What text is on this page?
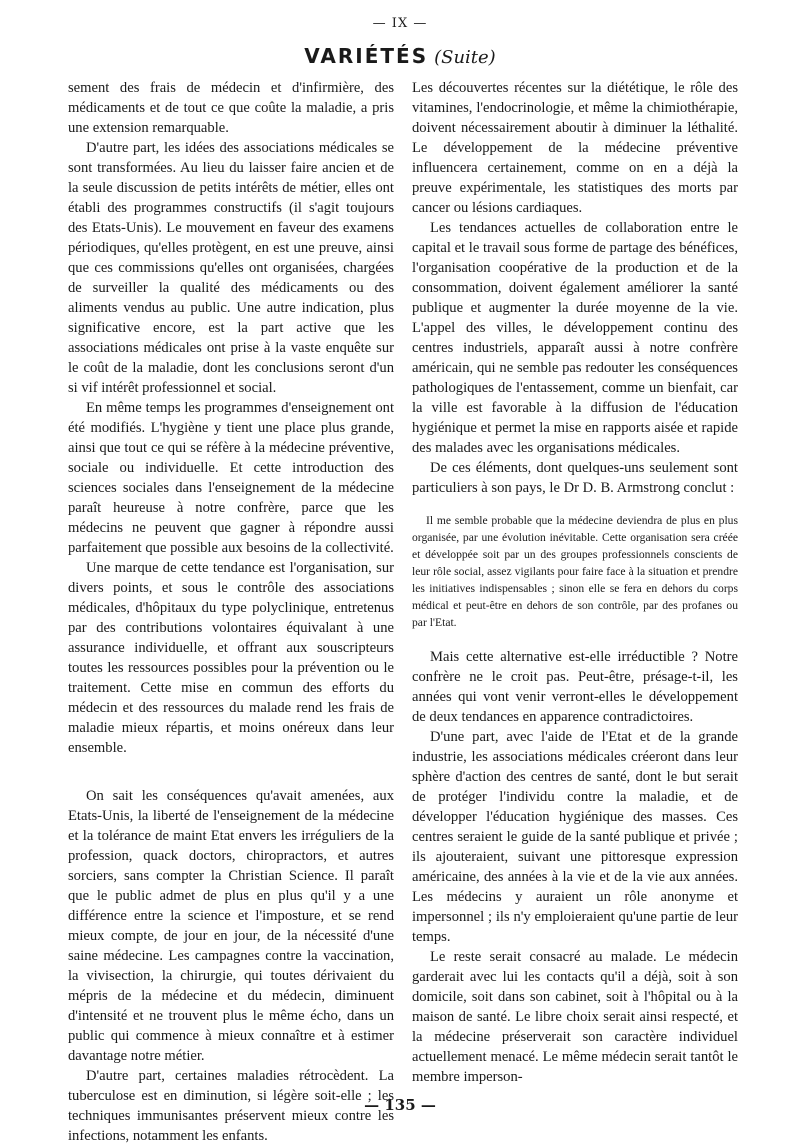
— IX —
VARIÉTÉS (Suite)

sement des frais de médecin et d'infirmière, des médicaments et de tout ce que coûte la maladie, a pris une extension remarquable.

D'autre part, les idées des associations médicales se sont transformées. Au lieu du laisser faire ancien et de la seule discussion de petits intérêts de métier, elles ont établi des programmes constructifs (il s'agit toujours des Etats-Unis). Le mouvement en faveur des examens périodiques, qu'elles protègent, en est une preuve, ainsi que ces commissions qu'elles ont organisées, chargées de surveiller la qualité des médicaments ou des aliments vendus au public. Une autre indication, plus significative encore, est la part active que les associations médicales ont prise à la vaste enquête sur le coût de la maladie, dont les conclusions seront d'un si vif intérêt professionnel et social.

En même temps les programmes d'enseignement ont été modifiés. L'hygiène y tient une place plus grande, ainsi que tout ce qui se réfère à la médecine préventive, sociale ou individuelle. Et cette introduction des sciences sociales dans l'enseignement de la médecine paraît heureuse à notre confrère, parce que les médecins ne peuvent que gagner à répondre aussi parfaitement que possible aux besoins de la collectivité.

Une marque de cette tendance est l'organisation, sur divers points, et sous le contrôle des associations médicales, d'hôpitaux du type polyclinique, entretenus par des contributions volontaires équivalant à une assurance individuelle, et offrant aux souscripteurs toutes les ressources possibles pour la prévention ou le traitement. Cette mise en commun des efforts du médecin et des ressources du malade rend les frais de maladie mieux répartis, et moins onéreux dans leur ensemble.

On sait les conséquences qu'avait amenées, aux Etats-Unis, la liberté de l'enseignement de la médecine et la tolérance de maint Etat envers les irréguliers de la profession, quack doctors, chiropractors, et autres sorciers, sans compter la Christian Science. Il paraît que le public admet de plus en plus qu'il y a une différence entre la science et l'imposture, et se rend mieux compte, de jour en jour, de la nécessité d'une saine médecine. Les campagnes contre la vaccination, la vivisection, la chirurgie, qui toutes dérivaient du mépris de la médecine et du médecin, diminuent d'intensité et ne trouvent plus le même écho, dans un public qui commence à mieux connaître et à estimer davantage notre métier.

D'autre part, certaines maladies rétrocèdent. La tuberculose est en diminution, si légère soit-elle ; les techniques immunisantes préservent mieux contre les infections, notamment les enfants.

Les découvertes récentes sur la diététique, le rôle des vitamines, l'endocrinologie, et même la chimiothérapie, doivent nécessairement aboutir à diminuer la léthalité. Le développement de la médecine préventive influencera certainement, comme on en a déjà la preuve expérimentale, les statistiques des morts par cancer ou lésions cardiaques.

Les tendances actuelles de collaboration entre le capital et le travail sous forme de partage des bénéfices, l'organisation coopérative de la production et de la consommation, doivent également améliorer la santé publique et augmenter la durée moyenne de la vie. L'appel des villes, le développement continu des centres industriels, apparaît aussi à notre confrère américain, qui ne semble pas redouter les conséquences pathologiques de l'entassement, comme un bienfait, car la ville est favorable à la diffusion de l'éducation hygiénique et permet la mise en rapports aisée et rapide des malades avec les organisations médicales.

De ces éléments, dont quelques-uns seulement sont particuliers à son pays, le Dr D. B. Armstrong conclut :

Il me semble probable que la médecine deviendra de plus en plus organisée, par une évolution inévitable. Cette organisation sera créée et développée soit par un des groupes professionnels conscients de leur rôle social, assez vigilants pour faire face à la situation et prendre les initiatives indispensables ; sinon elle se fera en dehors du corps médical et peut-être en dehors de son contrôle, par des profanes ou par l'Etat.

Mais cette alternative est-elle irréductible ? Notre confrère ne le croit pas. Peut-être, présage-t-il, les années qui vont venir verront-elles le développement de deux tendances en apparence contradictoires.

D'une part, avec l'aide de l'Etat et de la grande industrie, les associations médicales créeront dans leur sphère d'action des centres de santé, dont le but serait de protéger l'individu contre la maladie, et de développer l'éducation hygiénique des masses. Ces centres seraient le guide de la santé publique et privée ; ils ajouteraient, suivant une pittoresque expression américaine, des années à la vie et de la vie aux années. Les médecins y auraient un rôle anonyme et impersonnel ; ils n'y emploieraient qu'une partie de leur temps.

Le reste serait consacré au malade. Le médecin garderait avec lui les contacts qu'il a déjà, soit à son domicile, soit dans son cabinet, soit à l'hôpital ou à la maison de santé. Le libre choix serait ainsi respecté, et la médecine préserverait son caractère individuel actuellement menacé. Le même médecin serait tantôt le membre imperson-

— 135 —
